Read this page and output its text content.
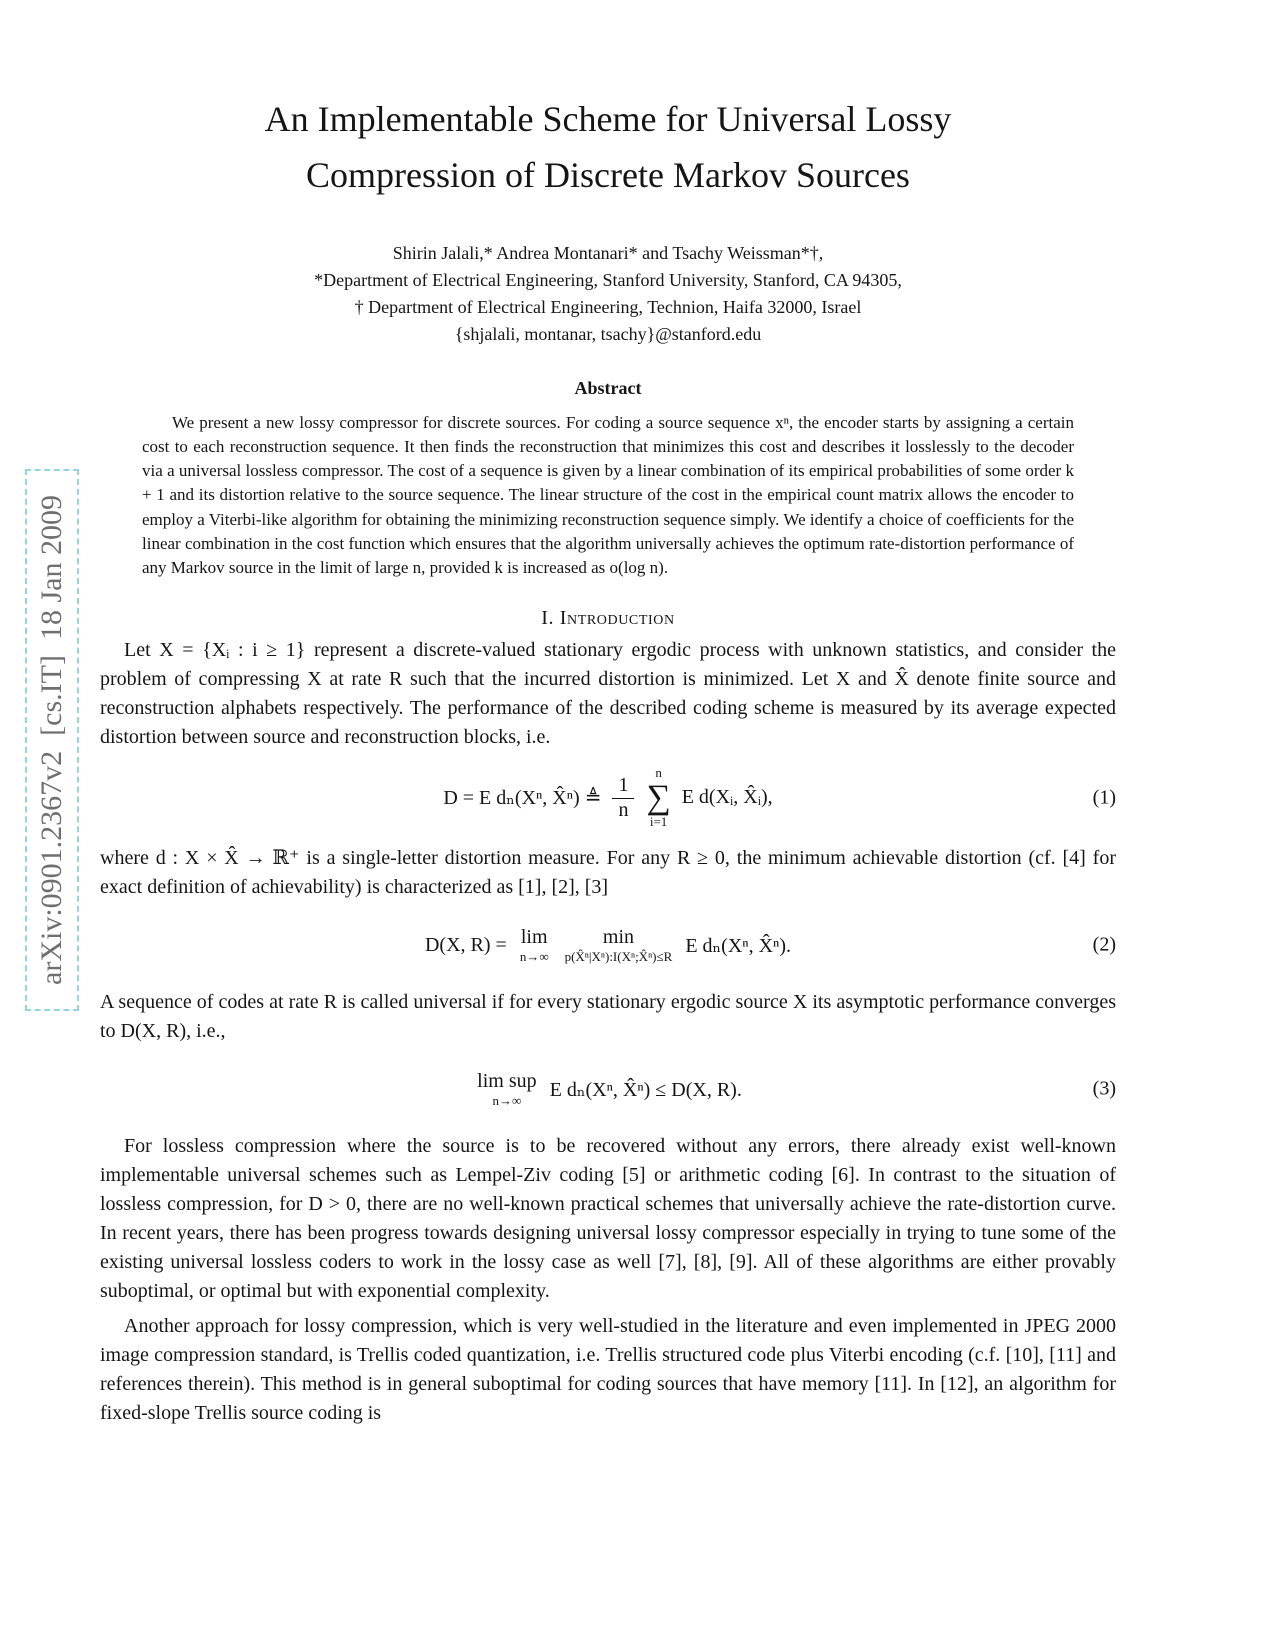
arXiv:0901.2367v2  [cs.IT]  18 Jan 2009
An Implementable Scheme for Universal Lossy
Compression of Discrete Markov Sources
Shirin Jalali,* Andrea Montanari* and Tsachy Weissman*†,
*Department of Electrical Engineering, Stanford University, Stanford, CA 94305,
† Department of Electrical Engineering, Technion, Haifa 32000, Israel
{shjalali, montanar, tsachy}@stanford.edu
Abstract

We present a new lossy compressor for discrete sources. For coding a source sequence xⁿ, the encoder starts by assigning a certain cost to each reconstruction sequence. It then finds the reconstruction that minimizes this cost and describes it losslessly to the decoder via a universal lossless compressor. The cost of a sequence is given by a linear combination of its empirical probabilities of some order k + 1 and its distortion relative to the source sequence. The linear structure of the cost in the empirical count matrix allows the encoder to employ a Viterbi-like algorithm for obtaining the minimizing reconstruction sequence simply. We identify a choice of coefficients for the linear combination in the cost function which ensures that the algorithm universally achieves the optimum rate-distortion performance of any Markov source in the limit of large n, provided k is increased as o(log n).

I. Introduction

Let X = {Xᵢ : i ≥ 1} represent a discrete-valued stationary ergodic process with unknown statistics, and consider the problem of compressing X at rate R such that the incurred distortion is minimized. Let X and X̂ denote finite source and reconstruction alphabets respectively. The performance of the described coding scheme is measured by its average expected distortion between source and reconstruction blocks, i.e.

D = E dₙ(Xⁿ, X̂ⁿ) ≜ $\frac{1}{n}$
n
∑
i=1
E d(Xᵢ, X̂ᵢ),	(1)

where d : X × X̂ → ℝ⁺ is a single-letter distortion measure. For any R ≥ 0, the minimum achievable distortion (cf. [4] for exact definition of achievability) is characterized as [1], [2], [3]

D(X, R) = lim
n→∞
min
p(X̂ⁿ|Xⁿ):I(Xⁿ;X̂ⁿ)≤R E dₙ(Xⁿ, X̂ⁿ).	(2)

A sequence of codes at rate R is called universal if for every stationary ergodic source X its asymptotic performance converges to D(X, R), i.e.,

lim sup
n→∞ E dₙ(Xⁿ, X̂ⁿ) ≤ D(X, R).	(3)

For lossless compression where the source is to be recovered without any errors, there already exist well-known implementable universal schemes such as Lempel-Ziv coding [5] or arithmetic coding [6]. In contrast to the situation of lossless compression, for D > 0, there are no well-known practical schemes that universally achieve the rate-distortion curve. In recent years, there has been progress towards designing universal lossy compressor especially in trying to tune some of the existing universal lossless coders to work in the lossy case as well [7], [8], [9]. All of these algorithms are either provably suboptimal, or optimal but with exponential complexity.

Another approach for lossy compression, which is very well-studied in the literature and even implemented in JPEG 2000 image compression standard, is Trellis coded quantization, i.e. Trellis structured code plus Viterbi encoding (c.f. [10], [11] and references therein). This method is in general suboptimal for coding sources that have memory [11]. In [12], an algorithm for fixed-slope Trellis source coding is
